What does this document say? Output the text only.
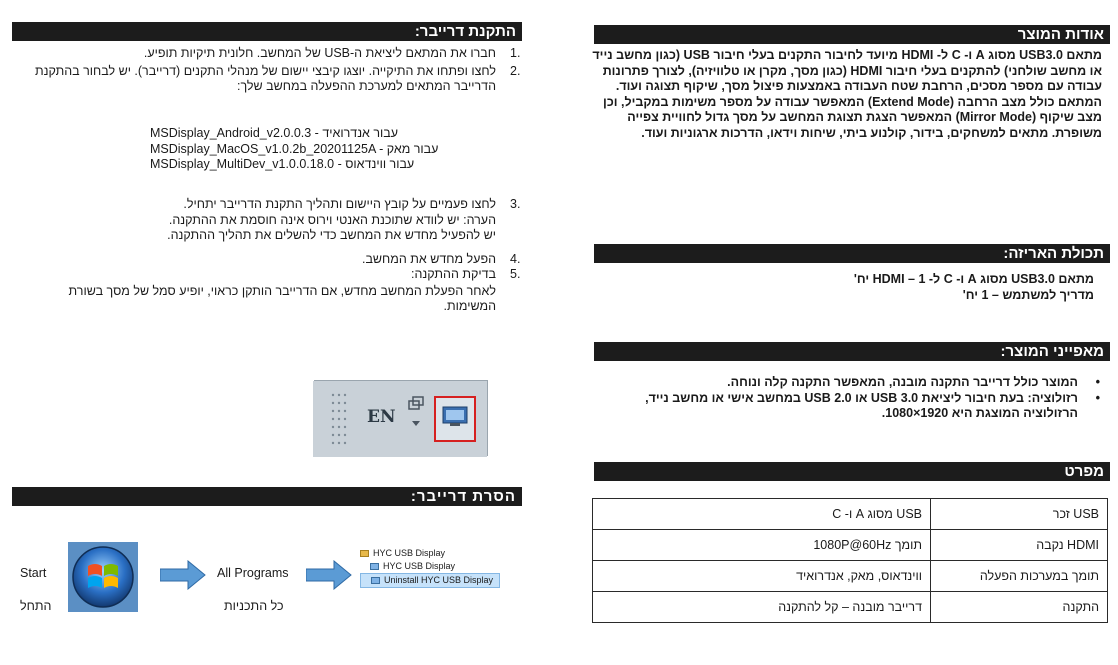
התקנת דרייבר:
1.
חברו את המתאם ליציאת ה-USB של המחשב. חלונית תיקיות תופיע.
2.
לחצו ופתחו את התיקייה. יוצגו קיבצי יישום של מנהלי התקנים (דרייבר). יש לבחור בהתקנת הדרייבר המתאים למערכת ההפעלה במחשב שלך:
MSDisplay_Android_v2.0.0.3 - עבור אנדרואיד
MSDisplay_MacOS_v1.0.2b_20201125A - עבור מאק
MSDisplay_MultiDev_v1.0.0.18.0 - עבור ווינדאוס
3.
לחצו פעמיים על קובץ היישום ותהליך התקנת הדרייבר יתחיל.
הערה: יש לוודא שתוכנת האנטי וירוס אינה חוסמת את ההתקנה.
יש להפעיל מחדש את המחשב כדי להשלים את תהליך ההתקנה.
4.
הפעל מחדש את המחשב.
5.
בדיקת ההתקנה:
לאחר הפעלת המחשב מחדש, אם הדרייבר הותקן כראוי, יופיע סמל של מסך בשורת המשימות.
EN
הסרת דרייבר:
Start
התחל
All Programs
כל התכניות
HYC USB Display
HYC USB Display
Uninstall HYC USB Display
אודות המוצר

מתאם USB3.0 מסוג A ו- C ל- HDMI מיועד לחיבור התקנים בעלי חיבור USB (כגון מחשב נייד או מחשב שולחני) להתקנים בעלי חיבור HDMI (כגון מסך, מקרן או טלוויזיה), לצורך פתרונות עבודה עם מספר מסכים, הרחבת שטח העבודה באמצעות פיצול מסך, שיקוף תצוגה ועוד.

המתאם כולל מצב הרחבה (Extend Mode) המאפשר עבודה על מספר משימות במקביל, וכן מצב שיקוף (Mirror Mode) המאפשר הצגת תצוגת המחשב על מסך גדול לחוויית צפייה משופרת. מתאים למשחקים, בידור, קולנוע ביתי, שיחות וידאו, הדרכות ארגוניות ועוד.

תכולת האריזה:

מתאם USB3.0 מסוג A ו- C ל- HDMI – 1 יח'

מדריך למשתמש – 1 יח'

מאפייני המוצר:
•
המוצר כולל דרייבר התקנה מובנה, המאפשר התקנה קלה ונוחה.
•
רזולוציה: בעת חיבור ליציאת USB 3.0 או USB 2.0 במחשב אישי או מחשב נייד, הרזולוציה המוצגת היא 1920×1080.
מפרט
USB זכר	USB מסוג A ו- C
HDMI נקבה	תומך 1080P@60Hz
תומך במערכות הפעלה	ווינדאוס, מאק, אנדרואיד
התקנה	דרייבר מובנה – קל להתקנה
